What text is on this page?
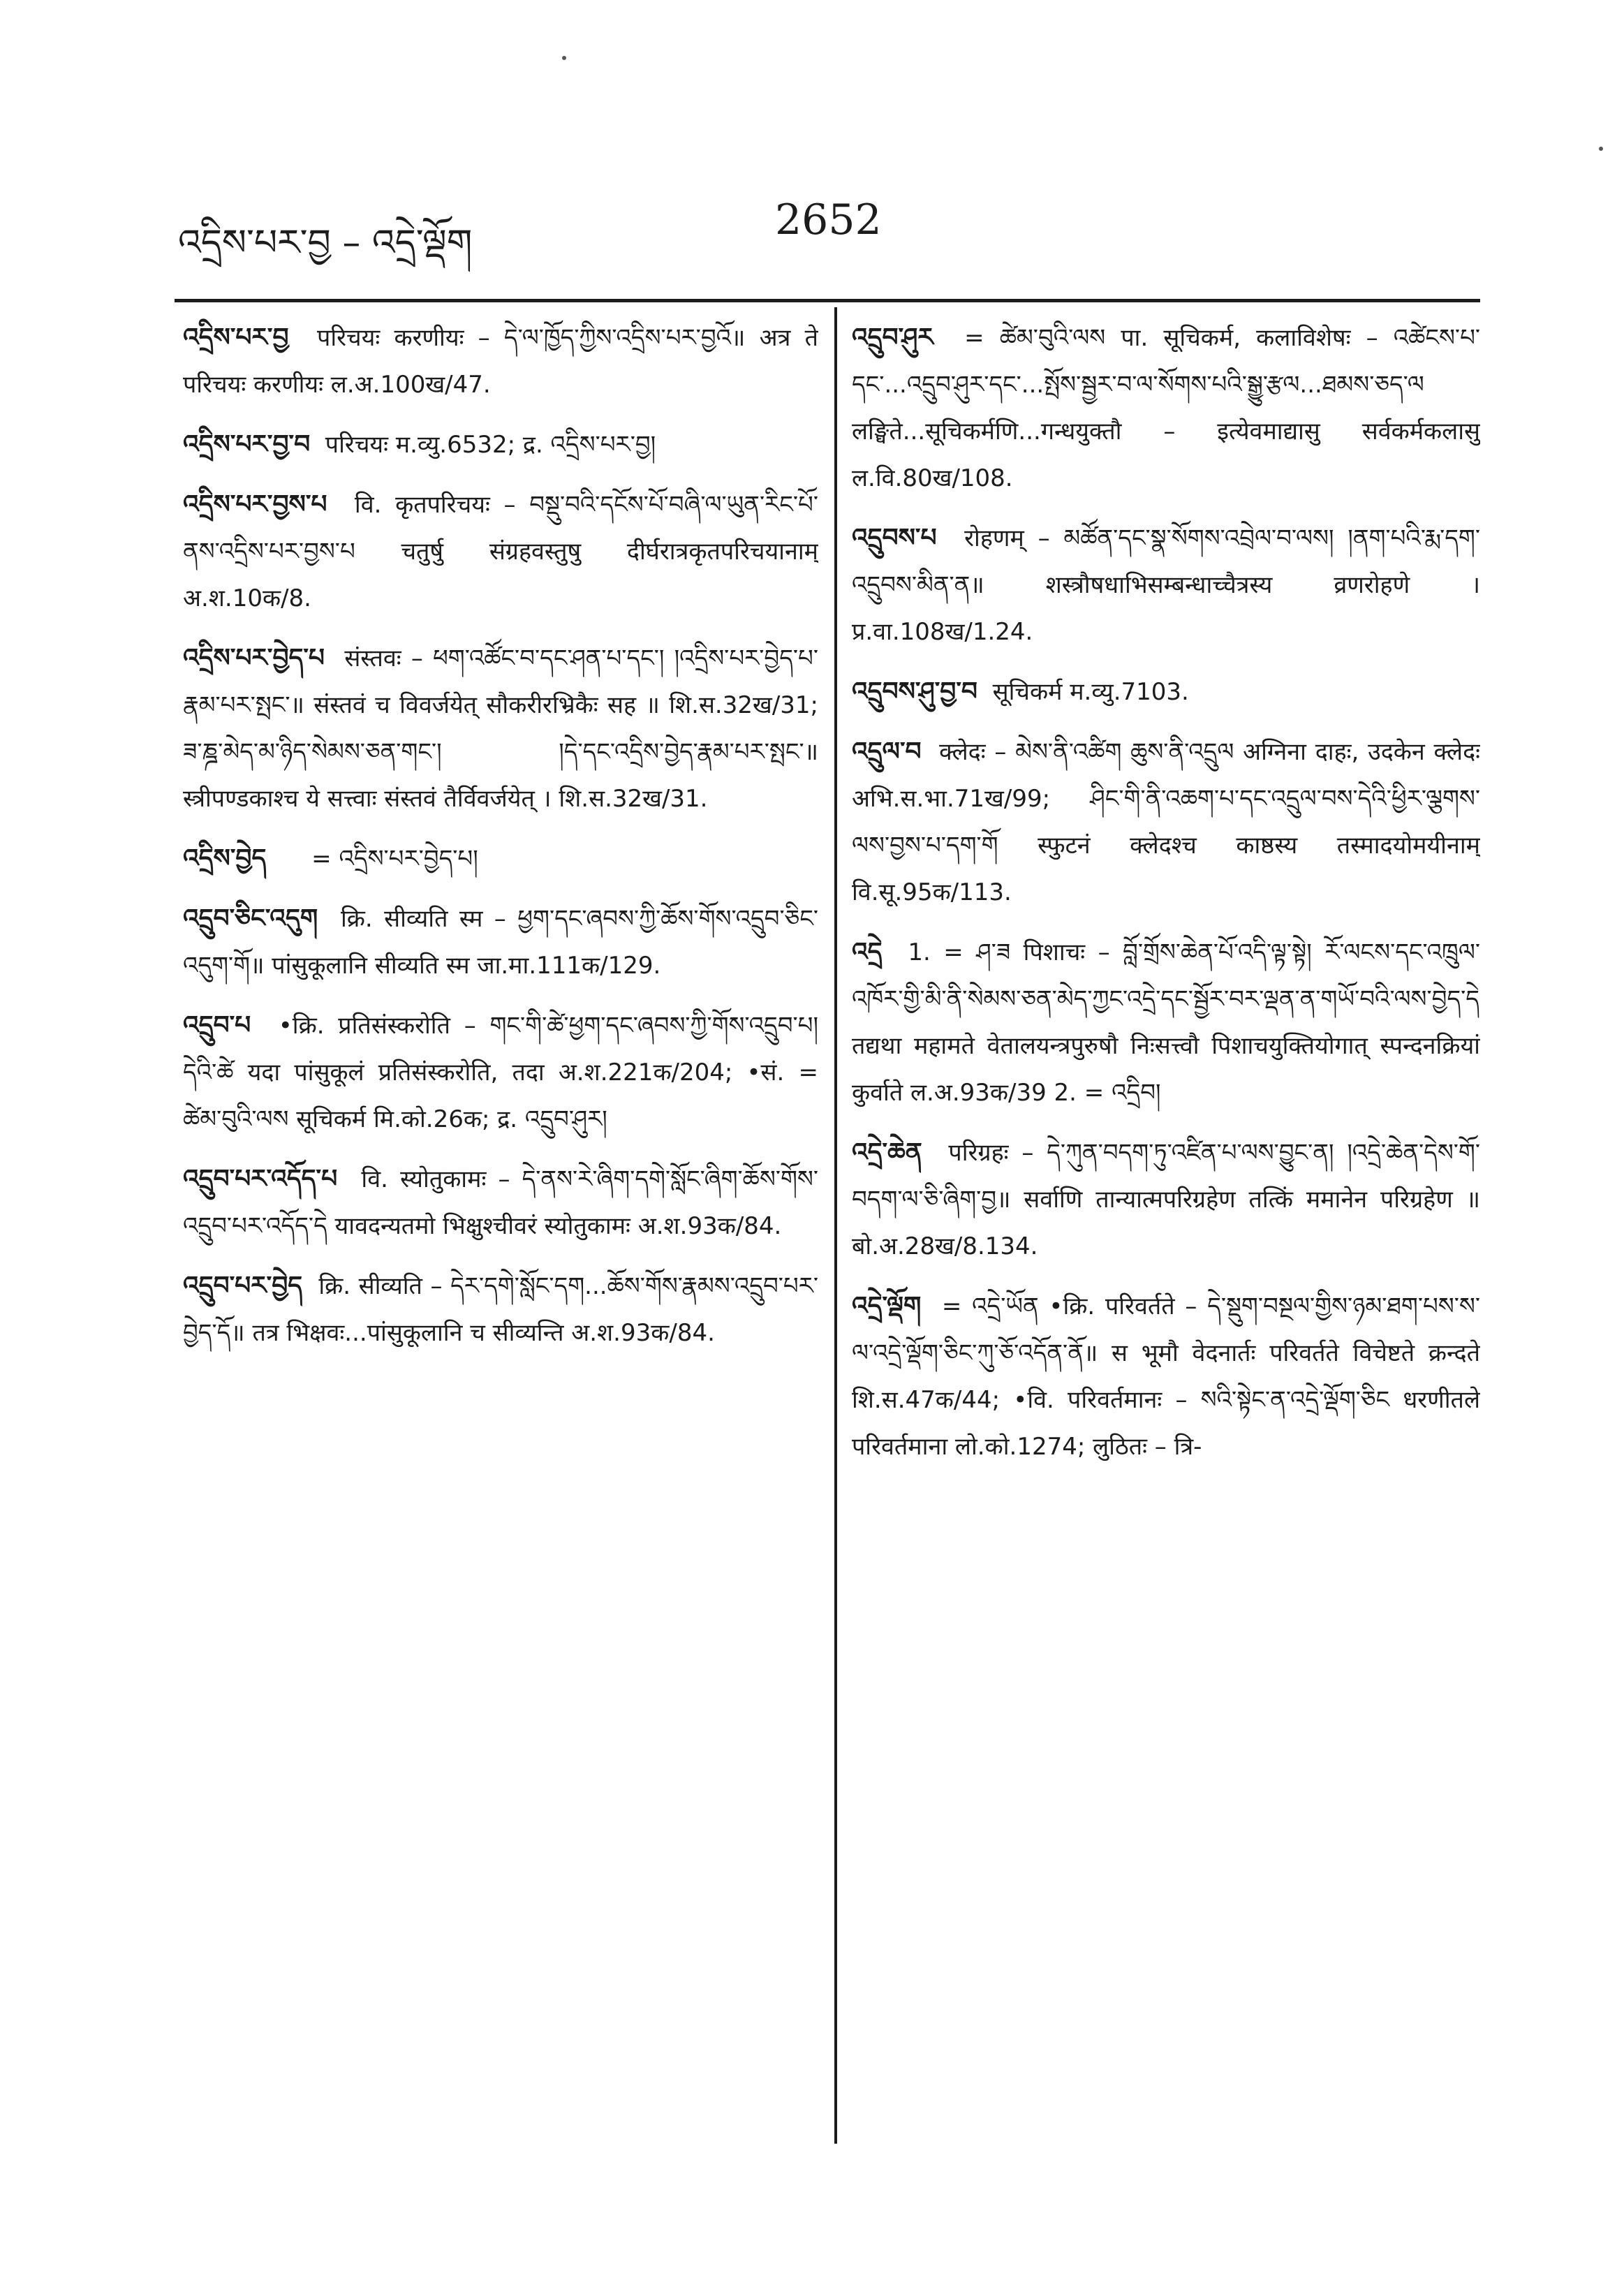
འདྲིས་པར་བྱ – འདྲེ་ལྡོག	2652

འདྲིས་པར་བྱ परिचयः करणीयः – དེ་ལ་ཁྱོད་ཀྱིས་འདྲིས་པར་བྱའོ॥ अत्र ते परिचयः करणीयः ल.अ.100ख/47.

འདྲིས་པར་བྱ་བ परिचयः म.व्यु.6532; द्र. འདྲིས་པར་བྱ།

འདྲིས་པར་བྱས་པ वि. कृतपरिचयः – བསྡུ་བའི་དངོས་པོ་བཞི་ལ་ཡུན་རིང་པོ་ནས་འདྲིས་པར་བྱས་པ चतुर्षु संग्रहवस्तुषु दीर्घरात्रकृतपरिचयानाम् अ.श.10क/8.

འདྲིས་པར་བྱེད་པ संस्तवः – ཕག་འཚོང་བ་དང་ཤན་པ་དང་། །འདྲིས་པར་བྱེད་པ་རྣམ་པར་སྤང་॥ संस्तवं च विवर्जयेत् सौकरीरभ्रिकैः सह ॥ शि.स.32ख/31; ཟ་ཎྜ་མེད་མ་ཉིད་སེམས་ཅན་གང་། །དེ་དང་འདྲིས་བྱེད་རྣམ་པར་སྤང་॥ स्त्रीपण्डकाश्च ये सत्त्वाः संस्तवं तैर्विवर्जयेत् । शि.स.32ख/31.

འདྲིས་བྱེད = འདྲིས་པར་བྱེད་པ།

འདྲུབ་ཅིང་འདུག क्रि. सीव्यति स्म – ཕྱག་དང་ཞབས་ཀྱི་ཆོས་གོས་འདྲུབ་ཅིང་འདུག་གོ॥ पांसुकूलानि सीव्यति स्म जा.मा.111क/129.

འདྲུབ་པ •क्रि. प्रतिसंस्करोति – གང་གི་ཚེ་ཕྱག་དང་ཞབས་ཀྱི་གོས་འདྲུབ་པ། དེའི་ཚེ यदा पांसुकूलं प्रतिसंस्करोति, तदा अ.श.221क/204; •सं. = ཚེམ་བུའི་ལས सूचिकर्म मि.को.26क; द्र. འདྲུབ་ཤུར།

འདྲུབ་པར་འདོད་པ वि. स्योतुकामः – དེ་ནས་རེ་ཞིག་དགེ་སློང་ཞིག་ཆོས་གོས་འདྲུབ་པར་འདོད་དེ यावदन्यतमो भिक्षुश्चीवरं स्योतुकामः अ.श.93क/84.

འདྲུབ་པར་བྱེད क्रि. सीव्यति – དེར་དགེ་སློང་དག...ཆོས་གོས་རྣམས་འདྲུབ་པར་བྱེད་དོ॥ तत्र भिक्षवः...पांसुकूलानि च सीव्यन्ति अ.श.93क/84.

འདྲུབ་ཤུར = ཚེམ་བུའི་ལས पा. सूचिकर्म, कलाविशेषः – འཚེངས་པ་དང་...འདྲུབ་ཤུར་དང་...སྤོས་སྦྱར་བ་ལ་སོགས་པའི་སྒྱུ་རྩལ...ཐམས་ཅད་ལ लङ्घिते...सूचिकर्मणि...गन्धयुक्तौ – इत्येवमाद्यासु सर्वकर्मकलासु ल.वि.80ख/108.

འདྲུབས་པ रोहणम् – མཚོན་དང་སྣ་སོགས་འབྲེལ་བ་ལས། །ནག་པའི་རྨ་དག་འདྲུབས་མིན་ན॥ शस्त्रौषधाभिसम्बन्धाच्चैत्रस्य व्रणरोहणे । प्र.वा.108ख/1.24.

འདྲུབས་ཤུ་བྱ་བ सूचिकर्म म.व्यु.7103.

འདྲུལ་བ क्लेदः – མེས་ནི་འཚིག ཆུས་ནི་འདྲུལ अग्निना दाहः, उदकेन क्लेदः अभि.स.भा.71ख/99; ཤིང་གི་ནི་འཆག་པ་དང་འདྲུལ་བས་དེའི་ཕྱིར་ལྕགས་ལས་བྱས་པ་དག་གོ स्फुटनं क्लेदश्च काष्ठस्य तस्मादयोमयीनाम् वि.सू.95क/113.

འདྲེ 1. = ཤ་ཟ पिशाचः – བློ་གྲོས་ཆེན་པོ་འདི་ལྟ་སྟེ། རོ་ལངས་དང་འཁྲུལ་འཁོར་གྱི་མི་ནི་སེམས་ཅན་མེད་ཀྱང་འདྲེ་དང་སྦྱོར་བར་ལྡན་ན་གཡོ་བའི་ལས་བྱེད་དེ तद्यथा महामते वेतालयन्त्रपुरुषौ निःसत्त्वौ पिशाचयुक्तियोगात् स्पन्दनक्रियां कुर्वाते ल.अ.93क/39 2. = འདྲིབ།

འདྲེ་ཆེན परिग्रहः – དེ་ཀུན་བདག་ཏུ་འཛིན་པ་ལས་བྱུང་ན། །འདྲེ་ཆེན་དེས་གོ་བདག་ལ་ཅི་ཞིག་བྱ॥ सर्वाणि तान्यात्मपरिग्रहेण तत्किं ममानेन परिग्रहेण ॥ बो.अ.28ख/8.134.

འདྲེ་ལྡོག = འདྲེ་ཡོན •क्रि. परिवर्तते – དེ་སྡུག་བསྔལ་གྱིས་ཉམ་ཐག་པས་ས་ལ་འདྲེ་ལྡོག་ཅིང་ཀུ་ཅོ་འདོན་ནོ॥ स भूमौ वेदनार्तः परिवर्तते विचेष्टते क्रन्दते शि.स.47क/44; •वि. परिवर्तमानः – སའི་སྟེང་ན་འདྲེ་ལྡོག་ཅིང धरणीतले परिवर्तमाना लो.को.1274; लुठितः – त्रि-
